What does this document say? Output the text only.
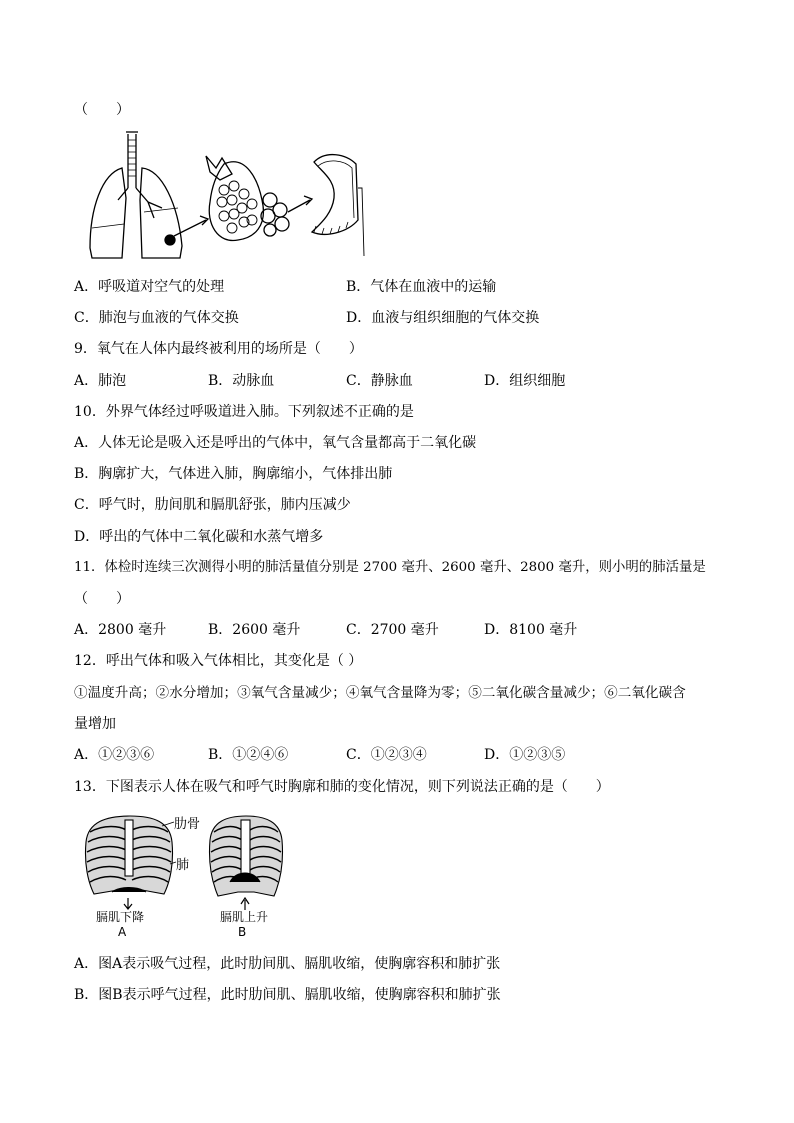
（　　）
A．呼吸道对空气的处理	B．气体在血液中的运输
C．肺泡与血液的气体交换	D．血液与组织细胞的气体交换
9．氧气在人体内最终被利用的场所是（　　）
A．肺泡	B．动脉血	C．静脉血	D．组织细胞
10．外界气体经过呼吸道进入肺。下列叙述不正确的是
A．人体无论是吸入还是呼出的气体中，氧气含量都高于二氧化碳
B．胸廓扩大，气体进入肺，胸廓缩小，气体排出肺
C．呼气时，肋间肌和膈肌舒张，肺内压减少
D．呼出的气体中二氧化碳和水蒸气增多
11．体检时连续三次测得小明的肺活量值分别是 2700 毫升、2600 毫升、2800 毫升，则小明的肺活量是
（　　）
A．2800 毫升	B．2600 毫升	C．2700 毫升	D．8100 毫升
12．呼出气体和吸入气体相比，其变化是（ ）
①温度升高；②水分增加；③氧气含量减少；④氧气含量降为零；⑤二氧化碳含量减少；⑥二氧化碳含
量增加
A．①②③⑥	B．①②④⑥	C．①②③④	D．①②③⑤
13．下图表示人体在吸气和呼气时胸廓和肺的变化情况，则下列说法正确的是（　　）
肋骨
肺
膈肌下降
A
膈肌上升
B
A．图A表示吸气过程，此时肋间肌、膈肌收缩，使胸廓容积和肺扩张
B．图B表示呼气过程，此时肋间肌、膈肌收缩，使胸廓容积和肺扩张
